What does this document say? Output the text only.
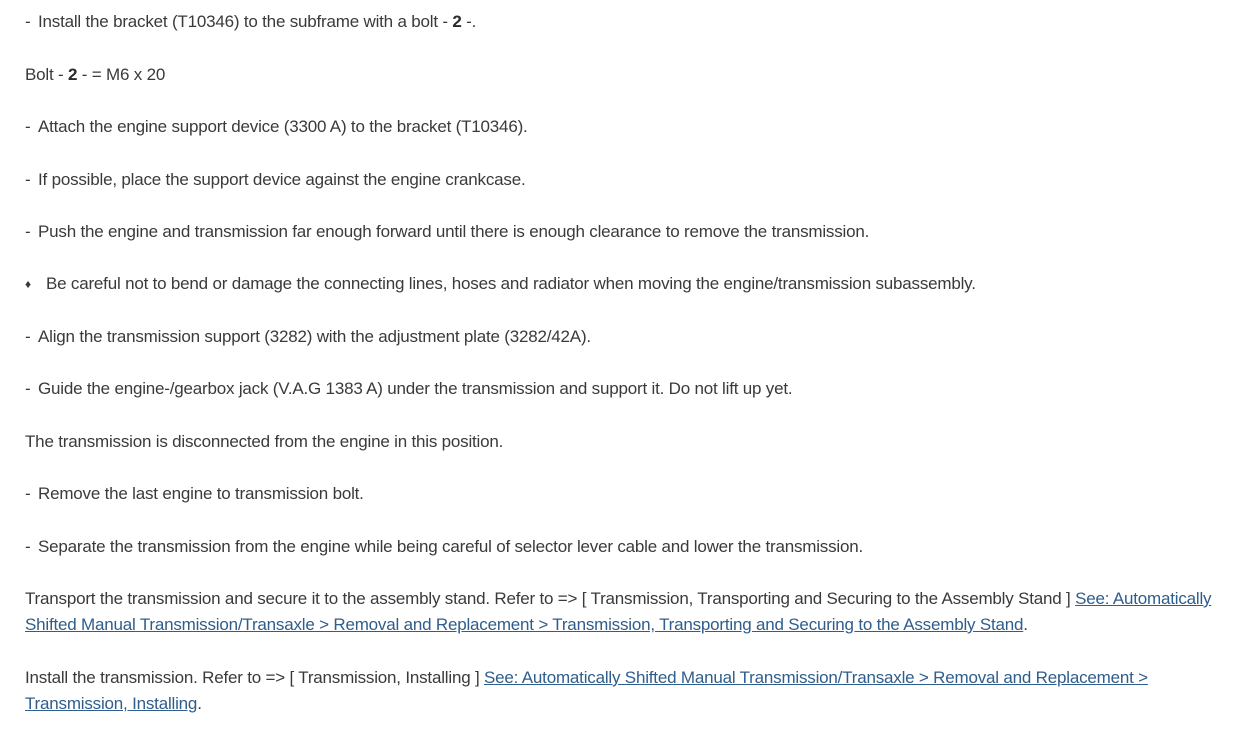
- Install the bracket (T10346) to the subframe with a bolt - 2 -.
Bolt - 2 - = M6 x 20
- Attach the engine support device (3300 A) to the bracket (T10346).
- If possible, place the support device against the engine crankcase.
- Push the engine and transmission far enough forward until there is enough clearance to remove the transmission.
♦ Be careful not to bend or damage the connecting lines, hoses and radiator when moving the engine/transmission subassembly.
- Align the transmission support (3282) with the adjustment plate (3282/42A).
- Guide the engine-/gearbox jack (V.A.G 1383 A) under the transmission and support it. Do not lift up yet.
The transmission is disconnected from the engine in this position.
- Remove the last engine to transmission bolt.
- Separate the transmission from the engine while being careful of selector lever cable and lower the transmission.
Transport the transmission and secure it to the assembly stand. Refer to => [ Transmission, Transporting and Securing to the Assembly Stand ] See: Automatically Shifted Manual Transmission/Transaxle > Removal and Replacement > Transmission, Transporting and Securing to the Assembly Stand.
Install the transmission. Refer to => [ Transmission, Installing ] See: Automatically Shifted Manual Transmission/Transaxle > Removal and Replacement > Transmission, Installing.
